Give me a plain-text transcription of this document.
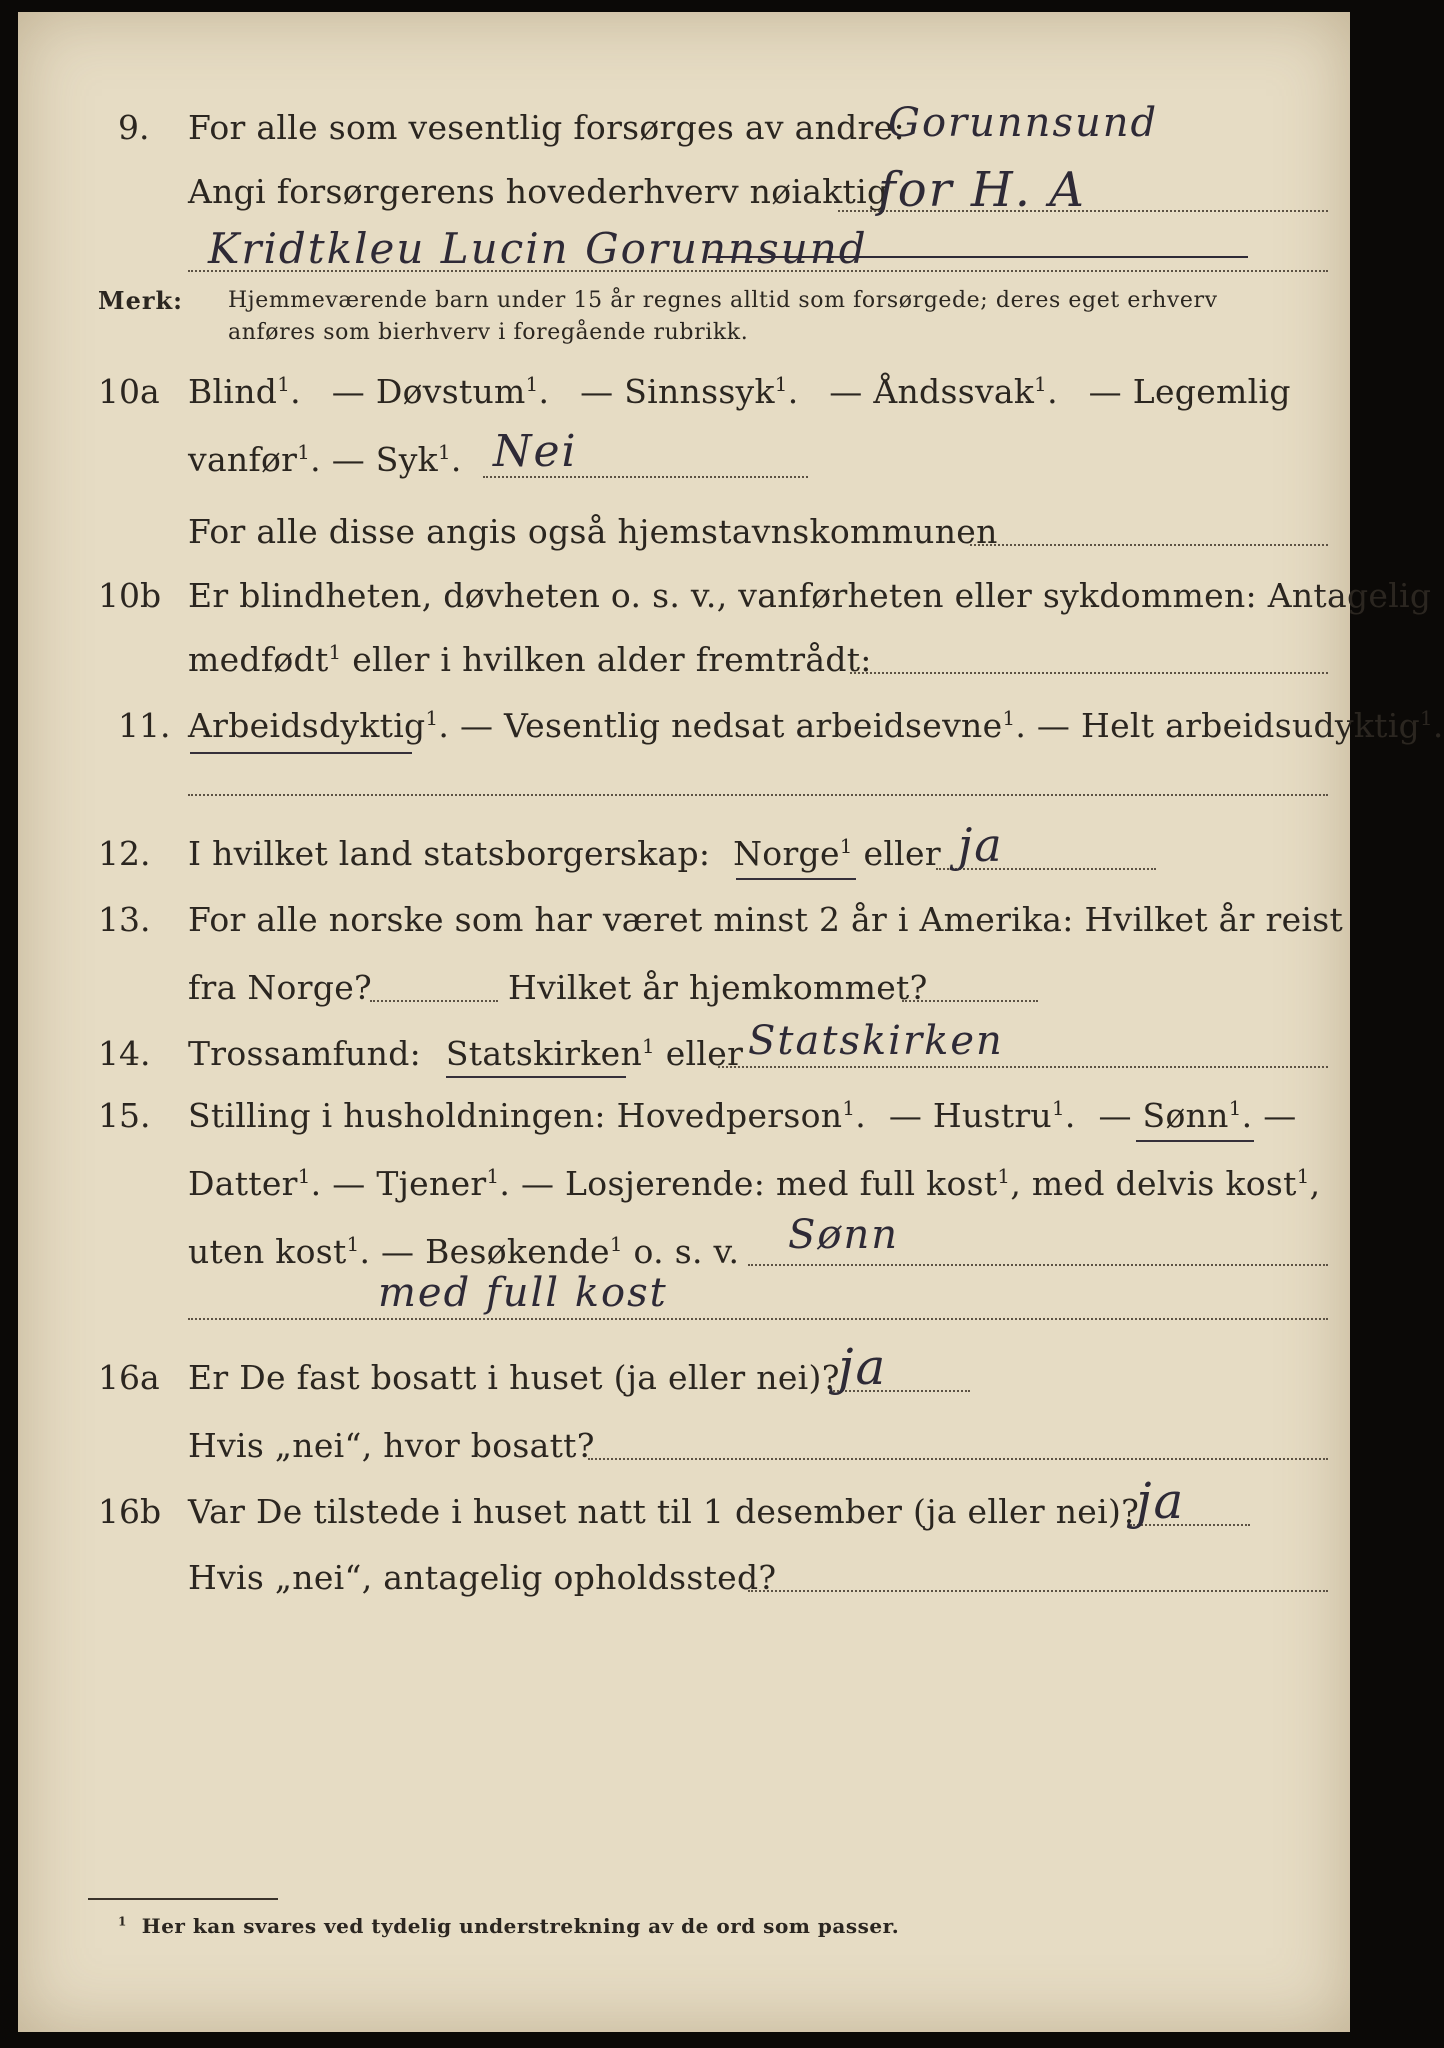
9. For alle som vesentlig forsørges av andre:
Gorunnsund
Angi forsørgerens hovederhverv nøiaktig
for H. A
Kridtkleu Lucin Gorunnsund
Merk: Hjemmeværende barn under 15 år regnes alltid som forsørgede; deres eget erhverv
anføres som bierhverv i foregående rubrikk.
10a Blind$^1$. — Døvstum$^1$. — Sinnssyk$^1$. — Åndssvak$^1$. — Legemlig
vanfør$^1$. — Syk$^1$. Nei
For alle disse angis også hjemstavnskommunen
10b Er blindheten, døvheten o. s. v., vanførheten eller sykdommen: Antagelig
medfødt$^1$ eller i hvilken alder fremtrådt:
11. Arbeidsdyktig$^1$. — Vesentlig nedsat arbeidsevne$^1$. — Helt arbeidsudyktig$^1$.
12. I hvilket land statsborgerskap: Norge$^1$ eller ja
13. For alle norske som har været minst 2 år i Amerika: Hvilket år reist
fra Norge?	Hvilket år hjemkommet?
14. Trossamfund: Statskirken$^1$ eller Statskirken
15. Stilling i husholdningen: Hovedperson$^1$. — Hustru$^1$. — Sønn$^1$. —
Datter$^1$. — Tjener$^1$. — Losjerende: med full kost$^1$, med delvis kost$^1$,
uten kost$^1$. — Besøkende$^1$ o. s. v. Sønn
med full kost
16a Er De fast bosatt i huset (ja eller nei)?
ja
Hvis „nei“, hvor bosatt?
16b Var De tilstede i huset natt til 1 desember (ja eller nei)?
ja
Hvis „nei“, antagelig opholdssted?
$^1$ Her kan svares ved tydelig understrekning av de ord som passer.
